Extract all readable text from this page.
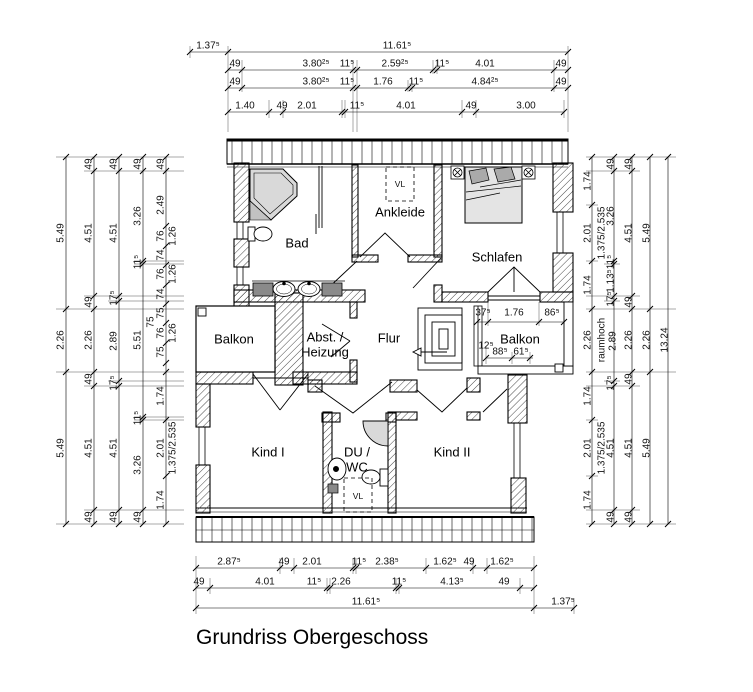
Bad
Ankleide
Schlafen
Balkon	Abst. /
Heizung
Flur	Balkon
Kind I	DU /
WC
Kind II
VL
VL
1.37⁵	11.61⁵
49	3.80²⁵ 11⁵	2.59²⁵	11⁵	4.01	49
49	3.80²⁵ 11⁵ 1.76 11⁵	4.84²⁵	49
1.40 49 2.01	11⁵	4.01	49	3.00
2.87⁵	49 2.01	11⁵ 2.38⁵	1.62⁵ 49 1.62⁵
49	4.01	11⁵ 2.26	11⁵	4.13⁵	49
11.61⁵	1.37⁵
37⁵ 1.76 86⁵
12⁵
88⁵ 61⁵
5.49
2.26
5.49
49
4.51
49
2.26
49
4.51
49
49
4.51
17⁵
2.89
17⁵
4.51
49
49
3.26
11⁵
5.51
11⁵
3.26
49
49
2.49
76
74
76
74
75
75
76
75
1.74
2.01
1.74
1.26
1.26
1.26
1.375/2.535
1.74
2.01
1.74
2.26
1.74
2.01
1.74
1.375/2.535
raumhoch
1.375/2.535
49
3.26
11⁵
1.13⁵
17⁵
2.89
17⁵
4.51
49
49
4.51
49
2.26
49
4.51
49
5.49
2.26
5.49
13.24
Grundriss Obergeschoss
